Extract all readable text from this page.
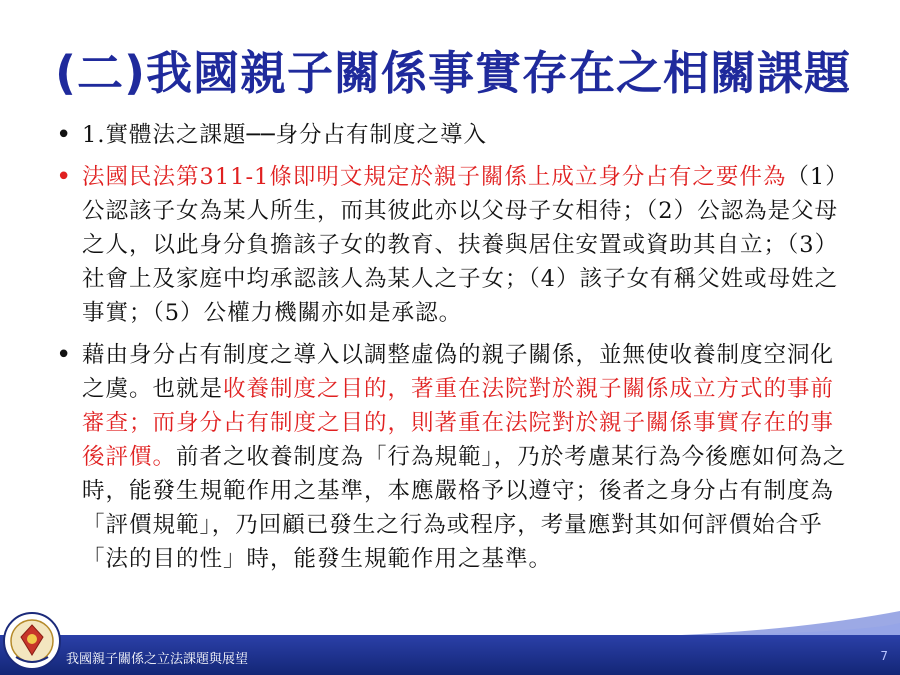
(二)我國親子關係事實存在之相關課題
• 1.實體法之課題──身分占有制度之導入
• 法國民法第311-1條即明文規定於親子關係上成立身分占有之要件為（1）公認該子女為某人所生，而其彼此亦以父母子女相待；（2）公認為是父母之人，以此身分負擔該子女的教育、扶養與居住安置或資助其自立；（3）社會上及家庭中均承認該人為某人之子女；（4）該子女有稱父姓或母姓之事實；（5）公權力機關亦如是承認。
• 藉由身分占有制度之導入以調整虛偽的親子關係，並無使收養制度空洞化之虞。也就是收養制度之目的，著重在法院對於親子關係成立方式的事前審查；而身分占有制度之目的，則著重在法院對於親子關係事實存在的事後評價。前者之收養制度為「行為規範」，乃於考慮某行為今後應如何為之時，能發生規範作用之基準，本應嚴格予以遵守；後者之身分占有制度為「評價規範」，乃回顧已發生之行為或程序，考量應對其如何評價始合乎「法的目的性」時，能發生規範作用之基準。
我國親子關係之立法課題與展望	7
